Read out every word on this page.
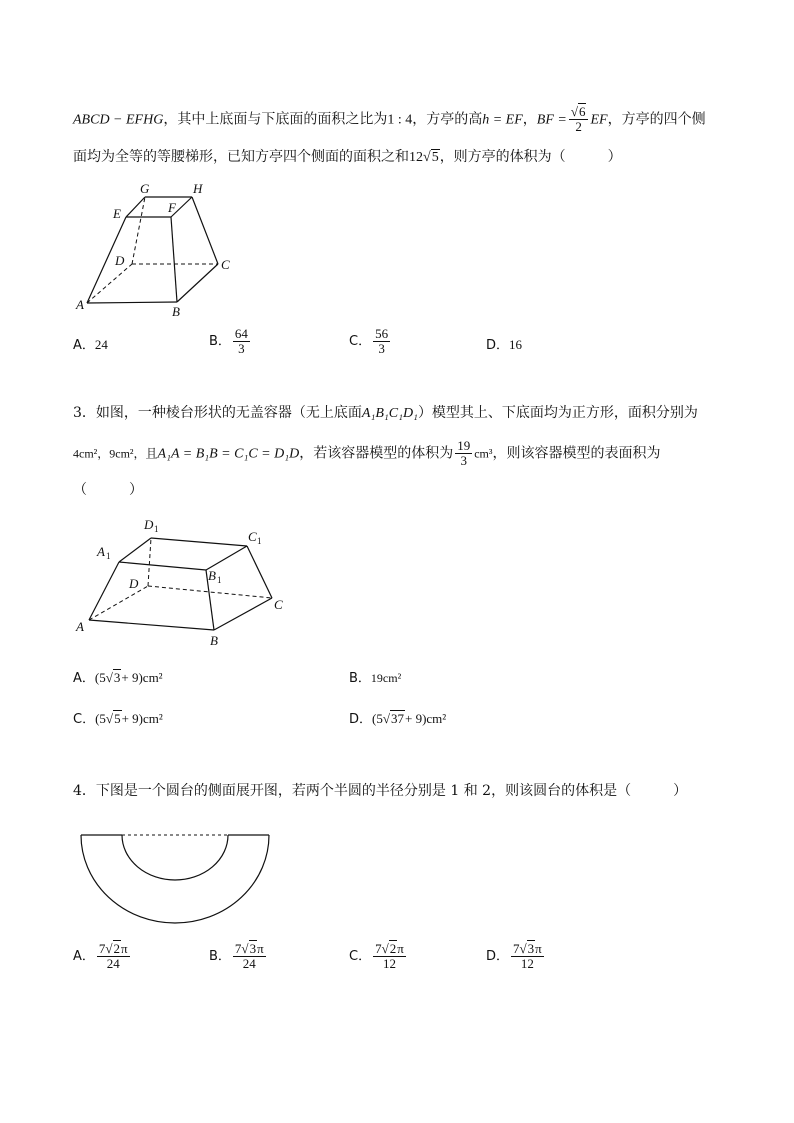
ABCD − EFHG，其中上底面与下底面的面积之比为1 : 4，方亭的高h = EF，BF = $\frac{√6}{2}$ EF，方亭的四个侧
面均为全等的等腰梯形，已知方亭四个侧面的面积之和12√5，则方亭的体积为（　　　）
G	H
E	F
D	C
A	B
A．24	B． $\frac{64}{3}$	C． $\frac{56}{3}$	D．16
3．如图，一种棱台形状的无盖容器（无上底面A₁B₁C₁D₁）模型其上、下底面均为正方形，面积分别为
4cm²，9cm²，且A₁A = B₁B = C₁C = D₁D，若该容器模型的体积为 $\frac{19}{3} cm^3$，则该容器模型的表面积为
（　　　）
D 1	C 1
A 1
B 1
D
C
A
B
A．(5√3+ 9)cm²	B．19cm²
C．(5√5+ 9)cm²	D．(5√37+ 9)cm²
4．下图是一个圆台的侧面展开图，若两个半圆的半径分别是 1 和 2，则该圆台的体积是（　　　）
A． $\frac{7√2\pi}{24}$	B． $\frac{7√3\pi}{24}$	C． $\frac{7√2\pi}{12}$	D． $\frac{7√3\pi}{12}$
